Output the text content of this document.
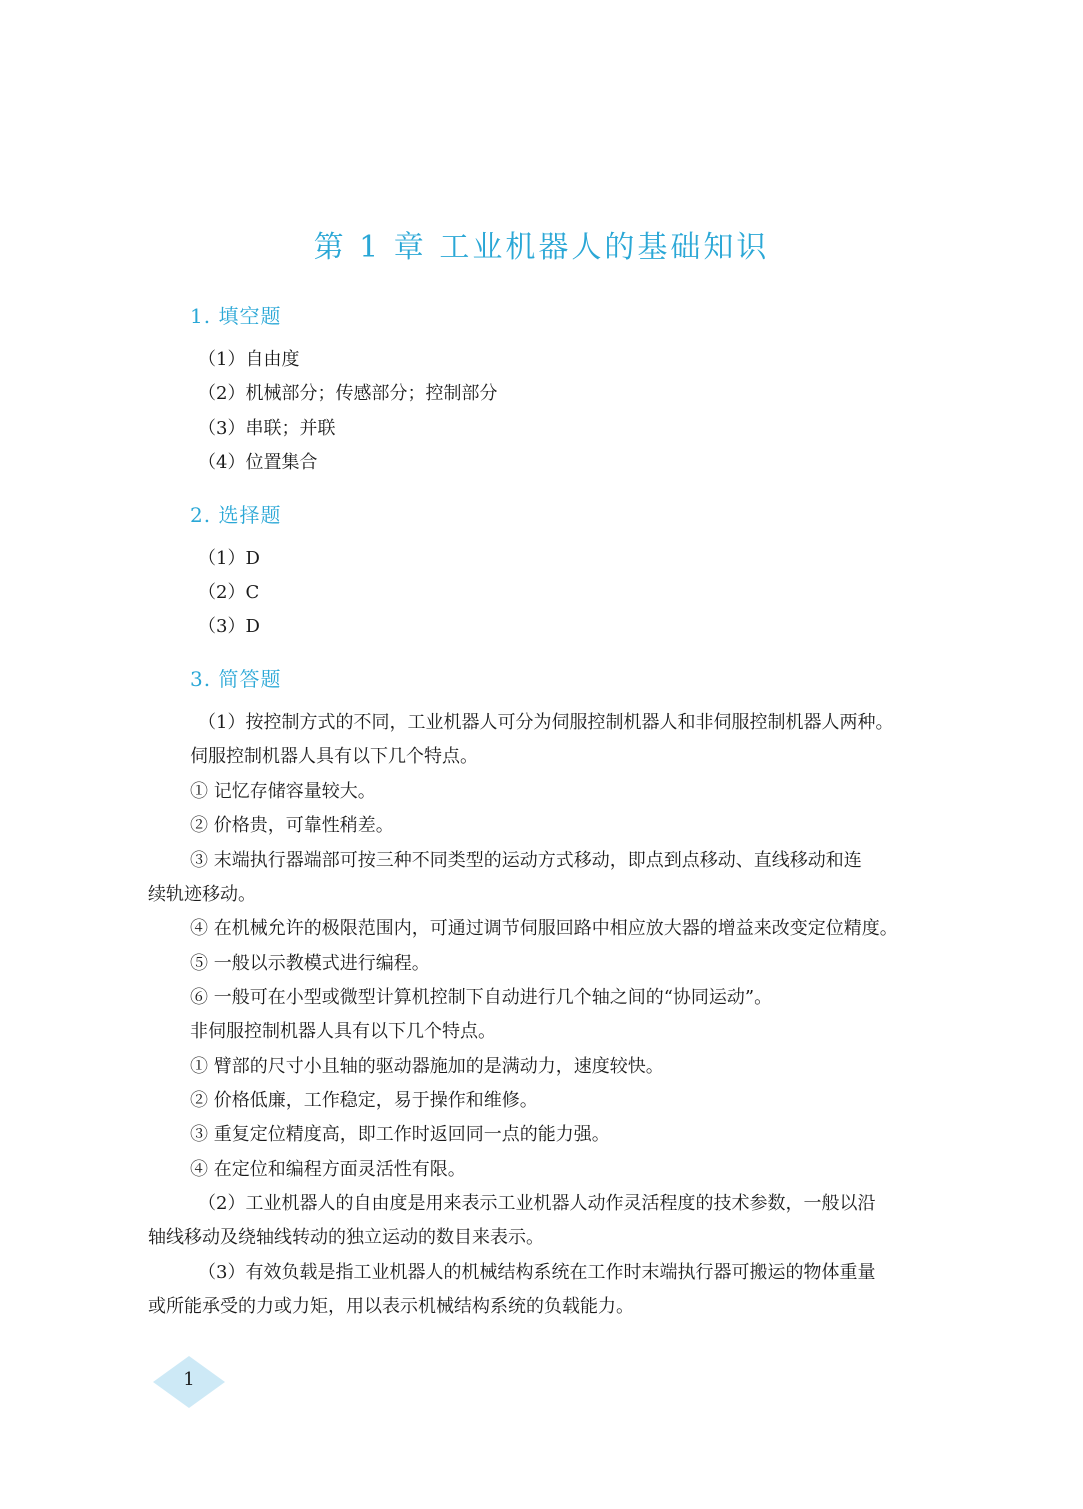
第 1 章 工业机器人的基础知识
1. 填空题
（1）自由度
（2）机械部分；传感部分；控制部分
（3）串联；并联
（4）位置集合
2. 选择题
（1）D
（2）C
（3）D
3. 简答题
（1）按控制方式的不同，工业机器人可分为伺服控制机器人和非伺服控制机器人两种。
伺服控制机器人具有以下几个特点。
① 记忆存储容量较大。
② 价格贵，可靠性稍差。
③ 末端执行器端部可按三种不同类型的运动方式移动，即点到点移动、直线移动和连
续轨迹移动。
④ 在机械允许的极限范围内，可通过调节伺服回路中相应放大器的增益来改变定位精度。
⑤ 一般以示教模式进行编程。
⑥ 一般可在小型或微型计算机控制下自动进行几个轴之间的“协同运动”。
非伺服控制机器人具有以下几个特点。
① 臂部的尺寸小且轴的驱动器施加的是满动力，速度较快。
② 价格低廉，工作稳定，易于操作和维修。
③ 重复定位精度高，即工作时返回同一点的能力强。
④ 在定位和编程方面灵活性有限。
（2）工业机器人的自由度是用来表示工业机器人动作灵活程度的技术参数，一般以沿
轴线移动及绕轴线转动的独立运动的数目来表示。
（3）有效负载是指工业机器人的机械结构系统在工作时末端执行器可搬运的物体重量
或所能承受的力或力矩，用以表示机械结构系统的负载能力。
1
